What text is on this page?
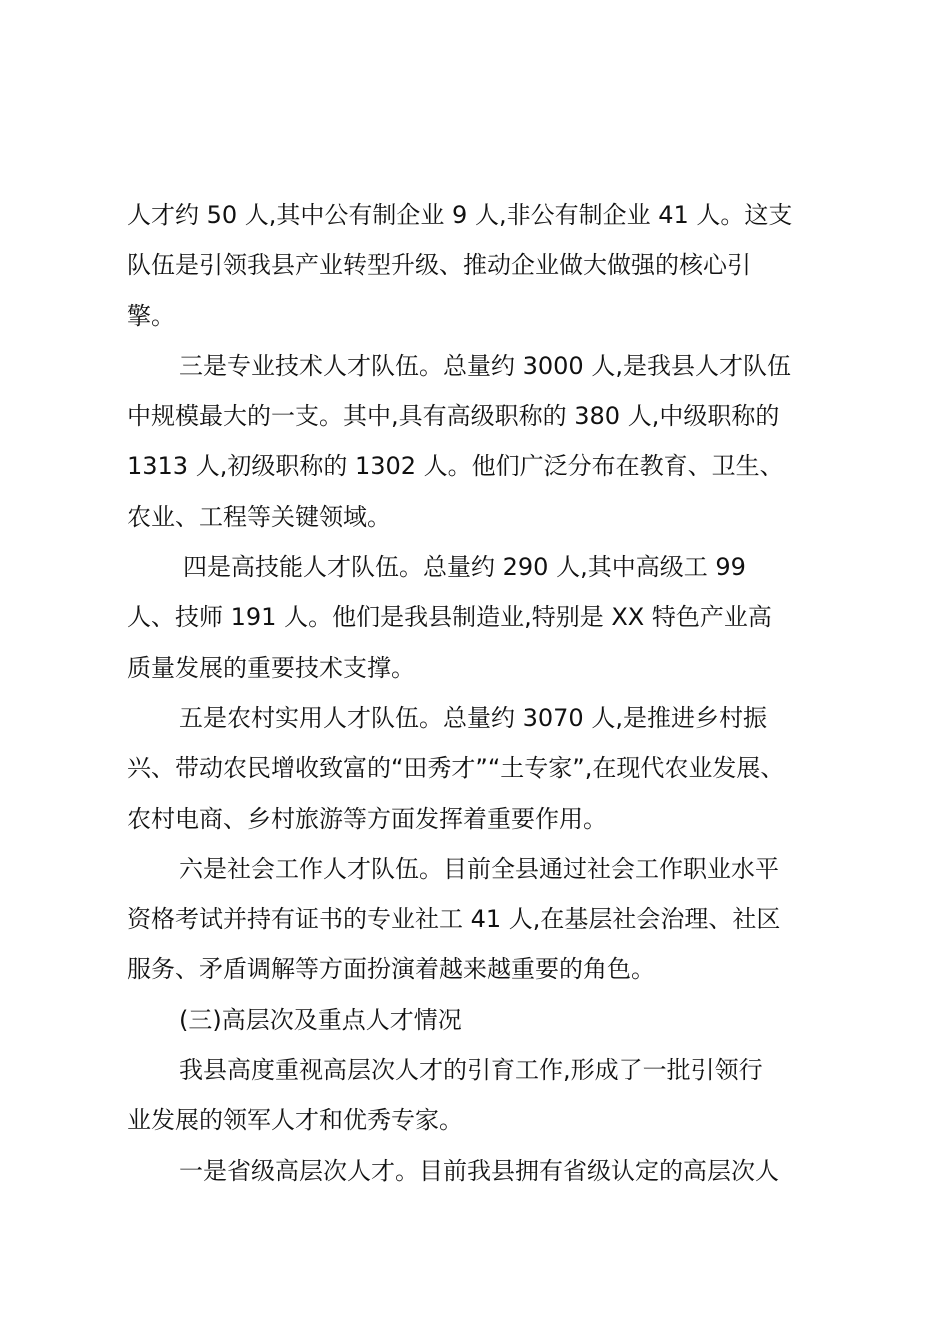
人才约 50 人,其中公有制企业 9 人,非公有制企业 41 人。这支
队伍是引领我县产业转型升级、推动企业做大做强的核心引
擎。
三是专业技术人才队伍。总量约 3000 人,是我县人才队伍
中规模最大的一支。其中,具有高级职称的 380 人,中级职称的
1313 人,初级职称的 1302 人。他们广泛分布在教育、卫生、
农业、工程等关键领域。
四是高技能人才队伍。总量约 290 人,其中高级工 99
人、技师 191 人。他们是我县制造业,特别是 XX 特色产业高
质量发展的重要技术支撑。
五是农村实用人才队伍。总量约 3070 人,是推进乡村振
兴、带动农民增收致富的“田秀才”“土专家”,在现代农业发展、
农村电商、乡村旅游等方面发挥着重要作用。
六是社会工作人才队伍。目前全县通过社会工作职业水平
资格考试并持有证书的专业社工 41 人,在基层社会治理、社区
服务、矛盾调解等方面扮演着越来越重要的角色。
(三)高层次及重点人才情况
我县高度重视高层次人才的引育工作,形成了一批引领行
业发展的领军人才和优秀专家。
一是省级高层次人才。目前我县拥有省级认定的高层次人
